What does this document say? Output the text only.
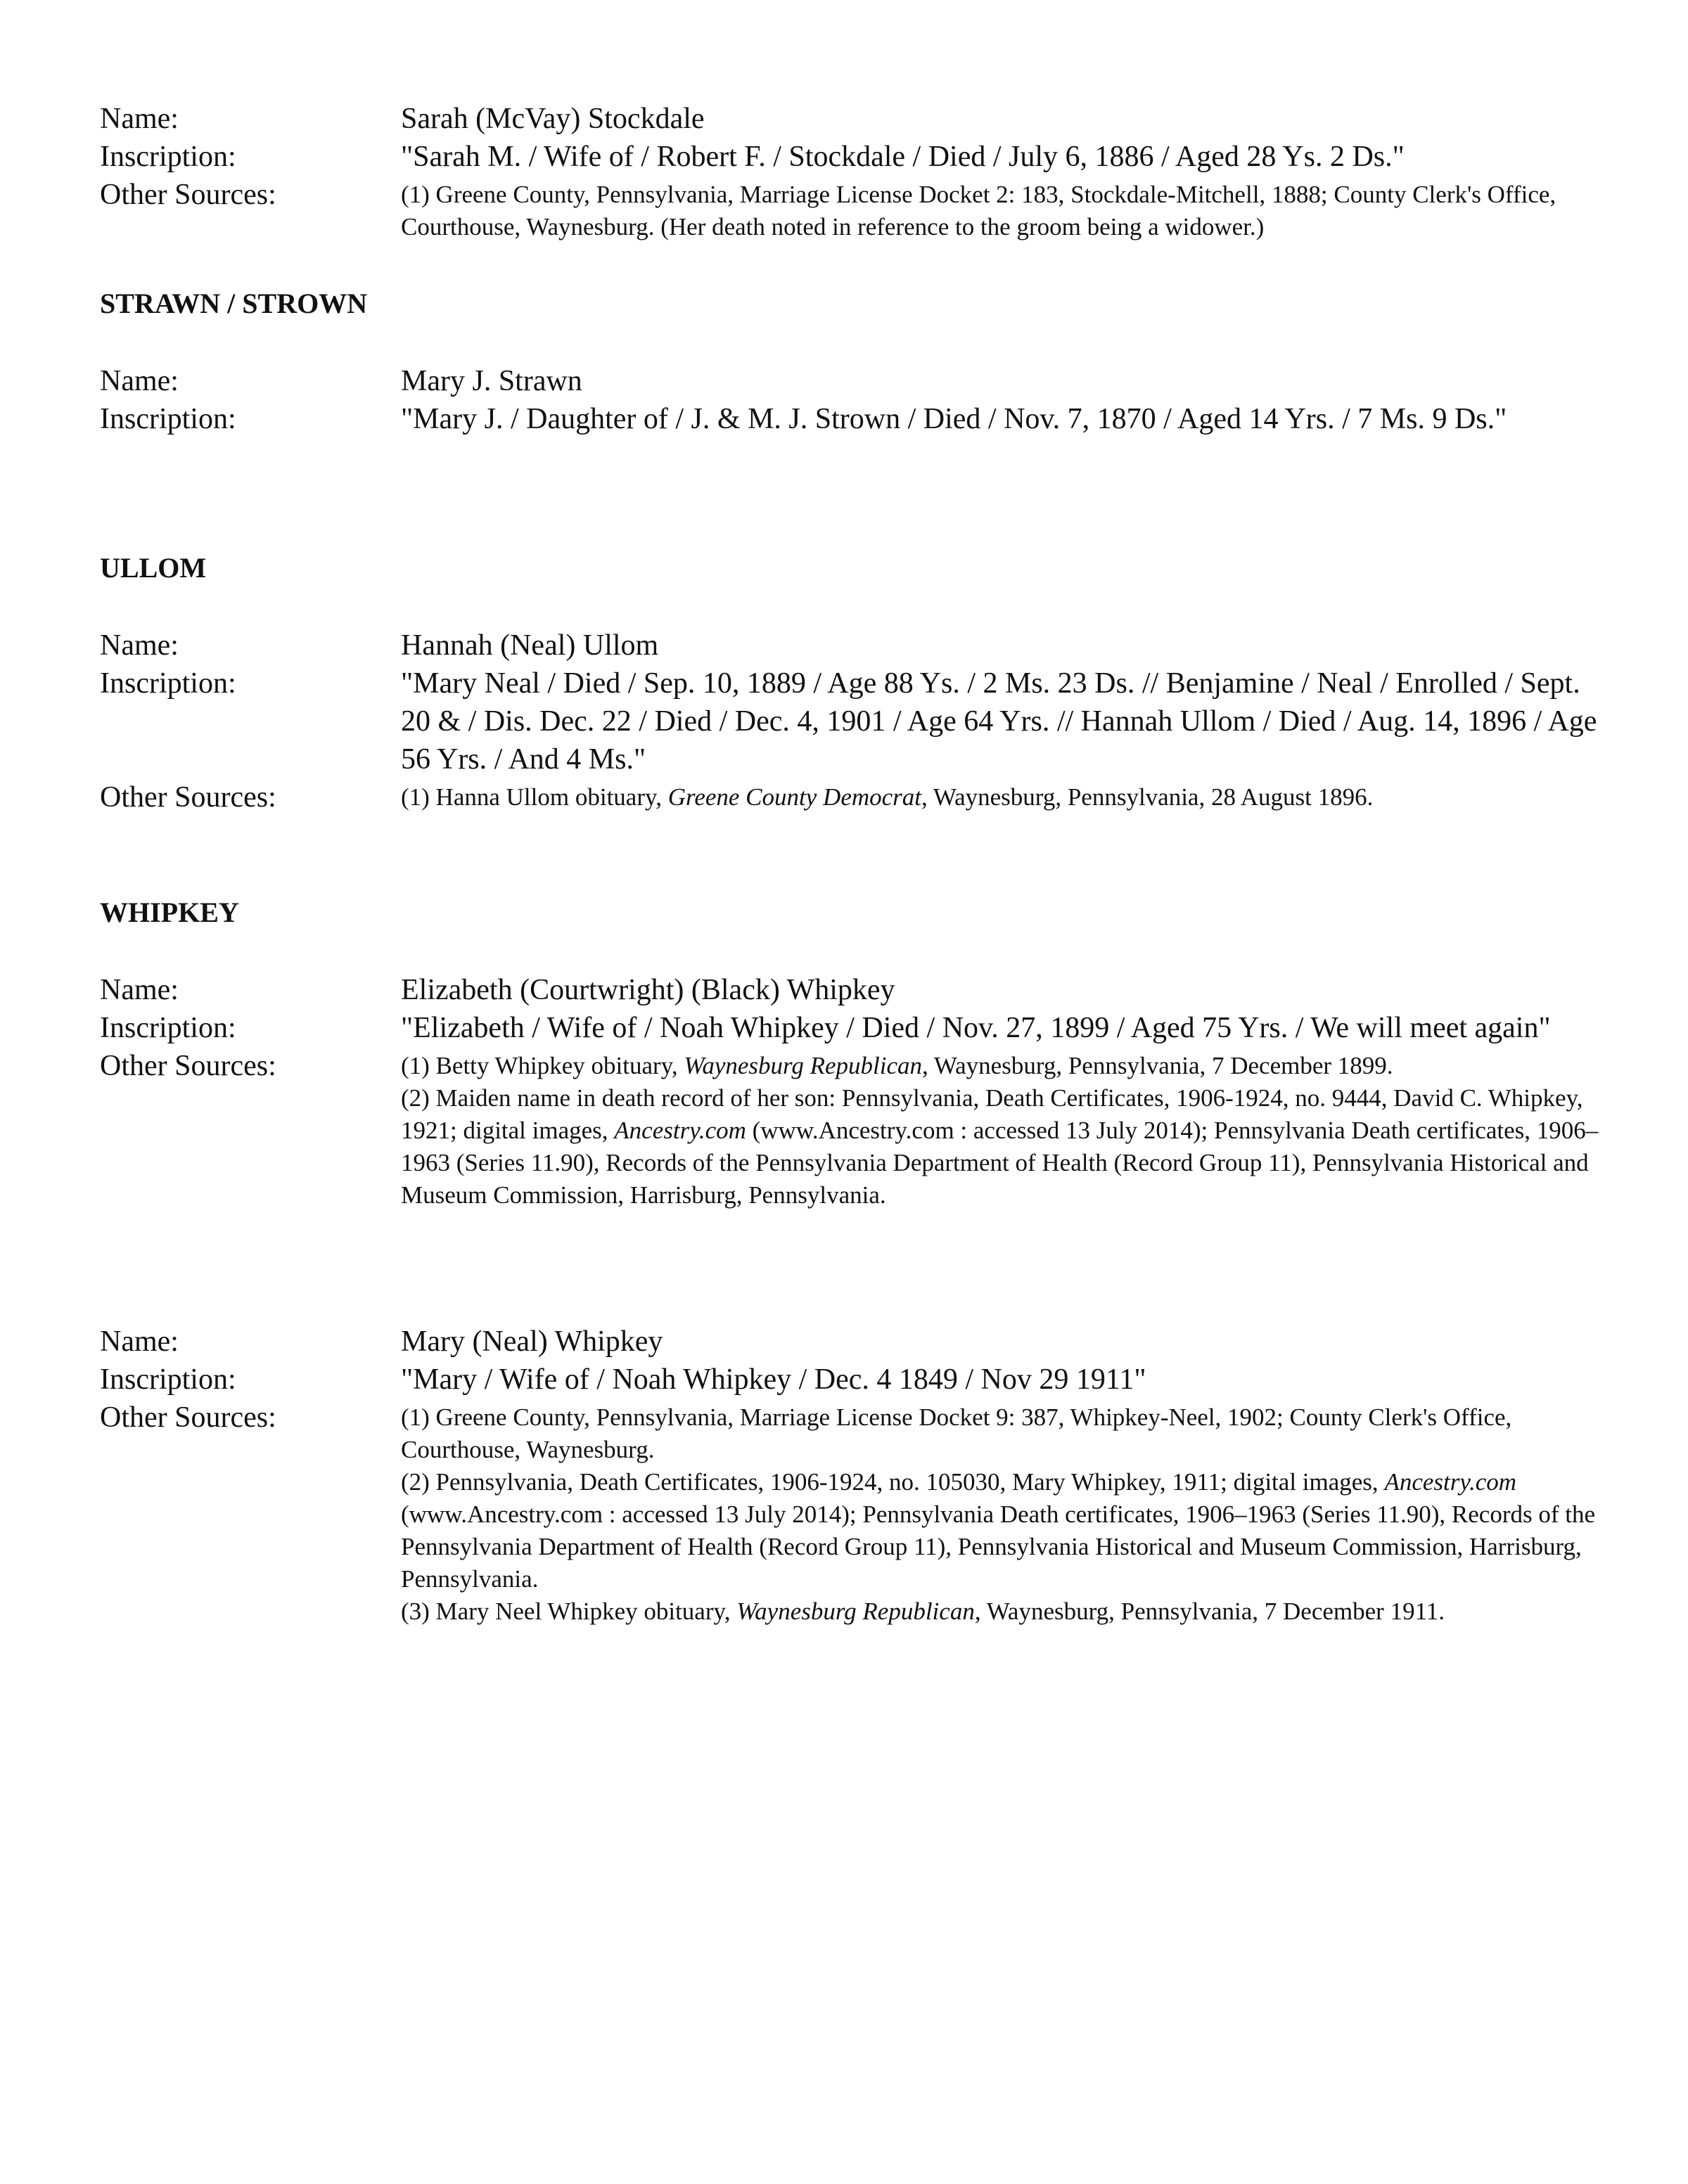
Name:	Sarah (McVay) Stockdale
Inscription:	"Sarah M. / Wife of / Robert F. / Stockdale / Died / July 6, 1886 / Aged 28 Ys. 2 Ds."
Other Sources:	(1) Greene County, Pennsylvania, Marriage License Docket 2: 183, Stockdale-Mitchell, 1888; County Clerk's Office, Courthouse, Waynesburg. (Her death noted in reference to the groom being a widower.)

STRAWN / STROWN
Name:	Mary J. Strawn
Inscription:	"Mary J. / Daughter of / J. & M. J. Strown / Died / Nov. 7, 1870 / Aged 14 Yrs. / 7 Ms. 9 Ds."
ULLOM
Name:	Hannah (Neal) Ullom
Inscription:	"Mary Neal / Died / Sep. 10, 1889 / Age 88 Ys. / 2 Ms. 23 Ds. // Benjamine / Neal / Enrolled / Sept. 20 & / Dis. Dec. 22 / Died / Dec. 4, 1901 / Age 64 Yrs. // Hannah Ullom / Died / Aug. 14, 1896 / Age 56 Yrs. / And 4 Ms."
Other Sources:	(1) Hanna Ullom obituary, Greene County Democrat, Waynesburg, Pennsylvania, 28 August 1896.

WHIPKEY
Name:	Elizabeth (Courtwright) (Black) Whipkey
Inscription:	"Elizabeth / Wife of / Noah Whipkey / Died / Nov. 27, 1899 / Aged 75 Yrs. / We will meet again"
Other Sources:	(1) Betty Whipkey obituary, Waynesburg Republican, Waynesburg, Pennsylvania, 7 December 1899.

(2) Maiden name in death record of her son: Pennsylvania, Death Certificates, 1906-1924, no. 9444, David C. Whipkey, 1921; digital images, Ancestry.com (www.Ancestry.com : accessed 13 July 2014); Pennsylvania Death certificates, 1906–1963 (Series 11.90), Records of the Pennsylvania Department of Health (Record Group 11), Pennsylvania Historical and Museum Commission, Harrisburg, Pennsylvania.

Name:	Mary (Neal) Whipkey
Inscription:	"Mary / Wife of / Noah Whipkey / Dec. 4 1849 / Nov 29 1911"
Other Sources:	(1) Greene County, Pennsylvania, Marriage License Docket 9: 387, Whipkey-Neel, 1902; County Clerk's Office, Courthouse, Waynesburg.

(2) Pennsylvania, Death Certificates, 1906-1924, no. 105030, Mary Whipkey, 1911; digital images, Ancestry.com (www.Ancestry.com : accessed 13 July 2014); Pennsylvania Death certificates, 1906–1963 (Series 11.90), Records of the Pennsylvania Department of Health (Record Group 11), Pennsylvania Historical and Museum Commission, Harrisburg, Pennsylvania.

(3) Mary Neel Whipkey obituary, Waynesburg Republican, Waynesburg, Pennsylvania, 7 December 1911.
